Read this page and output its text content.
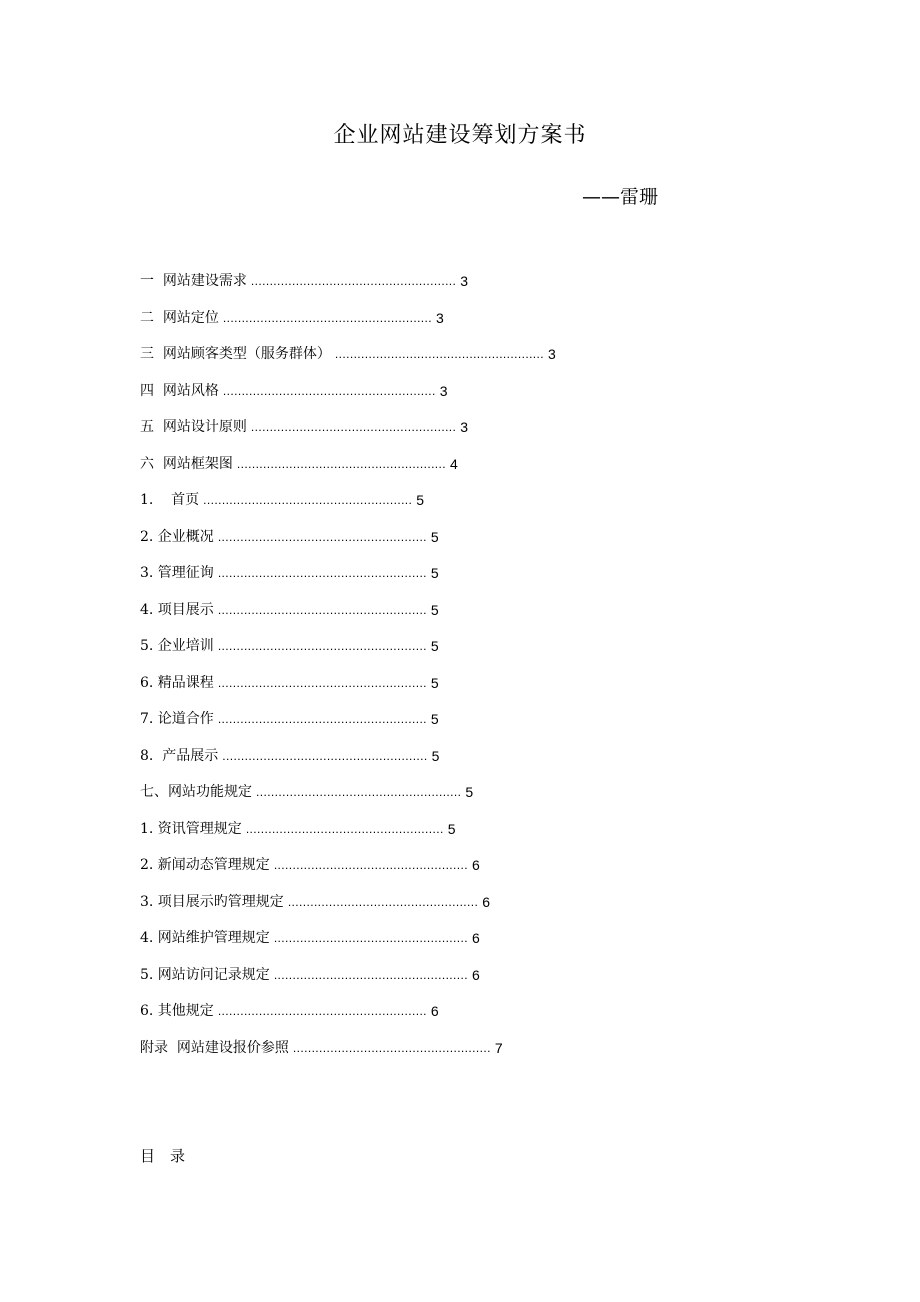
企业网站建设筹划方案书
——雷珊
一  网站建设需求 ....................................................... 3
二  网站定位 ........................................................ 3
三  网站顾客类型（服务群体） ........................................................ 3
四  网站风格 ......................................................... 3
五  网站设计原则 ....................................................... 3
六  网站框架图 ........................................................ 4
1.    首页 ........................................................ 5
2. 企业概况 ........................................................ 5
3. 管理征询 ........................................................ 5
4. 项目展示 ........................................................ 5
5. 企业培训 ........................................................ 5
6. 精品课程 ........................................................ 5
7. 论道合作 ........................................................ 5
8.  产品展示 ....................................................... 5
七、网站功能规定 ....................................................... 5
1. 资讯管理规定 ..................................................... 5
2. 新闻动态管理规定 .................................................... 6
3. 项目展示旳管理规定 ................................................... 6
4. 网站维护管理规定 .................................................... 6
5. 网站访问记录规定 .................................................... 6
6. 其他规定 ........................................................ 6
附录  网站建设报价参照 ..................................................... 7
目　录
